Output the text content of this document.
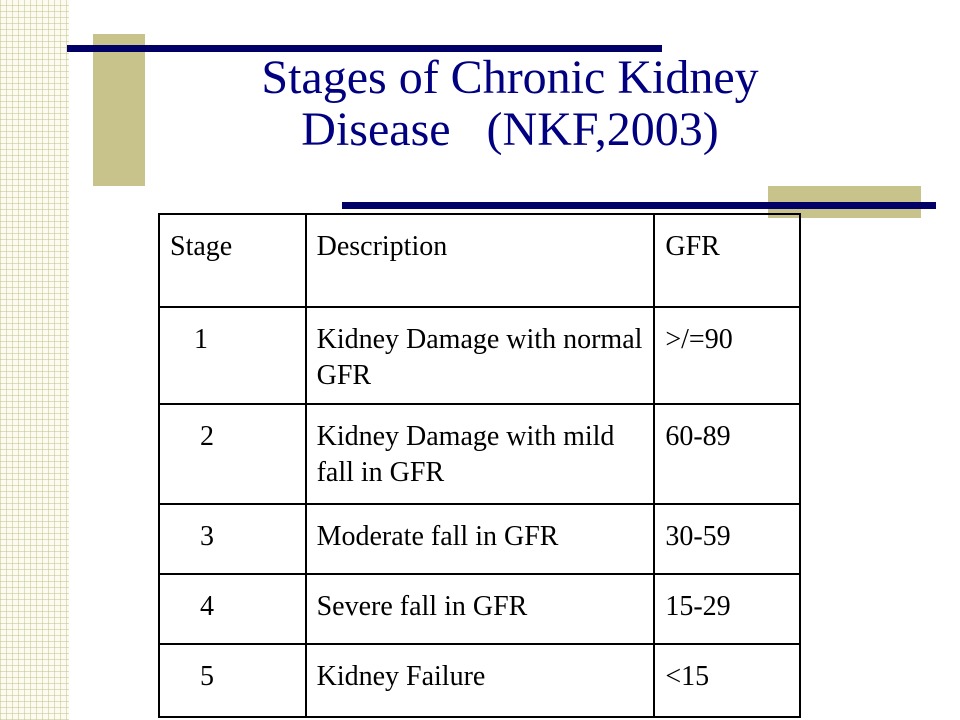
Stages of Chronic Kidney
Disease   (NKF,2003)
Stage	Description	GFR
1	Kidney Damage with normal GFR	>/=90
2	Kidney Damage with mild fall in GFR	60-89
3	Moderate fall in GFR	30-59
4	Severe fall in GFR	15-29
5	Kidney Failure	<15
